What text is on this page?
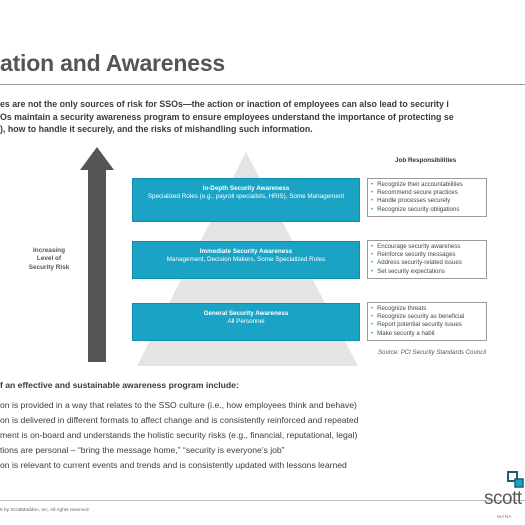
ation and Awareness
es are not the only sources of risk for SSOs—the action or inaction of employees can also lead to security i
Os maintain a security awareness program to ensure employees understand the importance of protecting se
), how to handle it securely, and the risks of mishandling such information.
Increasing
Level of
Security Risk
In-Depth Security Awareness
Specialized Roles (e.g., payroll specialists, HRIS), Some Management
Immediate Security Awareness
Management, Decision Makers, Some Specialized Roles
General Security Awareness
All Personnel
Job Responsibilities
• Recognize their accountabilities
• Recommend secure practices
• Handle processes securely
• Recognize security obligations
• Encourage security awareness
• Reinforce security messages
• Address security-related issues
• Set security expectations
• Recognize threats
• Recognize security as beneficial
• Report potential security issues
• Make security a habit
Source: PCI Security Standards Council
f an effective and sustainable awareness program include:
on is provided in a way that relates to the SSO culture (i.e., how employees think and behave)
on is delivered in different formats to affect change and is consistently reinforced and repeated
ment is on-board and understands the holistic security risks (e.g., financial, reputational, legal)
tions are personal – “bring the message home,” “security is everyone’s job”
on is relevant to current events and trends and is consistently updated with lessons learned
6 by ScottMadden, Inc. All rights reserved.
scott
MANA
